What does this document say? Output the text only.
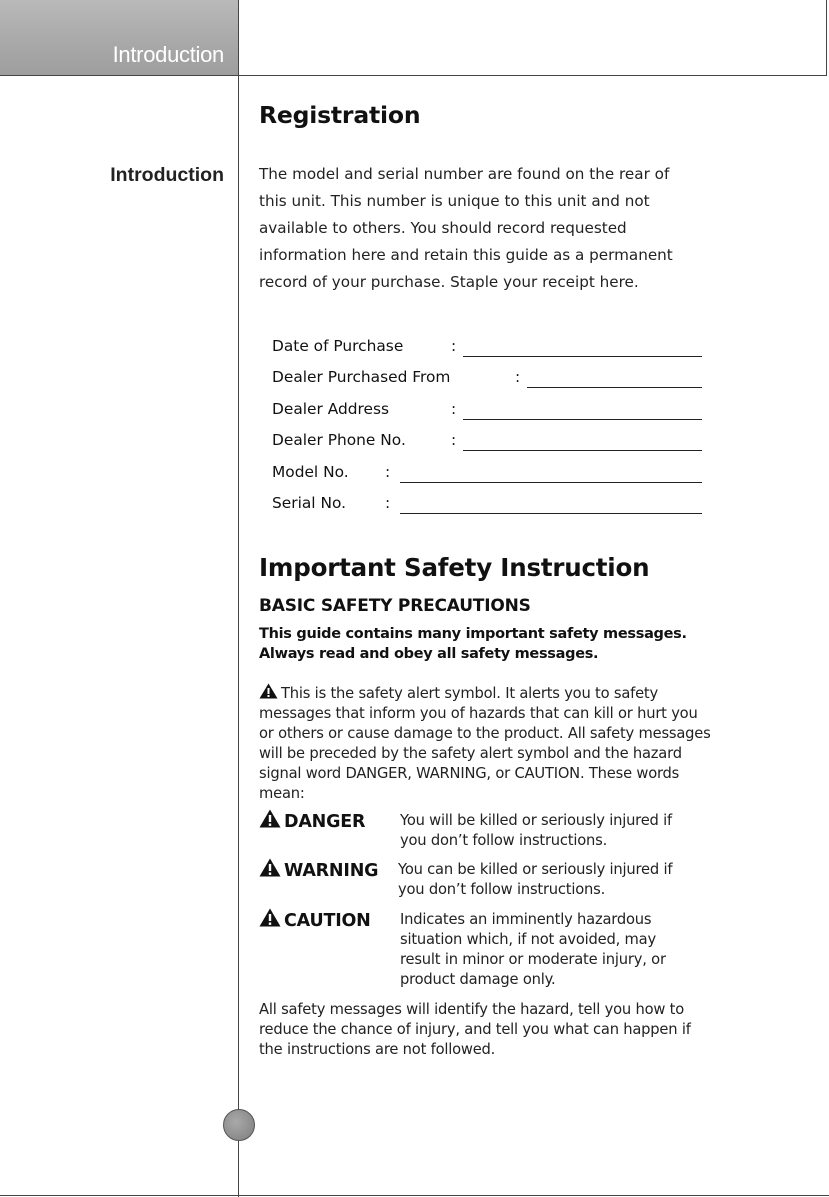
Introduction
Introduction
Registration
The model and serial number are found on the rear of this unit. This number is unique to this unit and not available to others. You should record requested information here and retain this guide as a permanent record of your purchase. Staple your receipt here.
Date of Purchase	:
Dealer Purchased From	:
Dealer Address	:
Dealer Phone No.	:
Model No. :
Serial No.	:
Important Safety Instruction
BASIC SAFETY PRECAUTIONS
This guide contains many important safety messages. Always read and obey all safety messages.
This is the safety alert symbol. It alerts you to safety messages that inform you of hazards that can kill or hurt you or others or cause damage to the product. All safety messages will be preceded by the safety alert symbol and the hazard signal word DANGER, WARNING, or CAUTION. These words mean:
DANGER You will be killed or seriously injured if you don’t follow instructions.
WARNING You can be killed or seriously injured if you don’t follow instructions.
CAUTION Indicates an imminently hazardous situation which, if not avoided, may result in minor or moderate injury, or product damage only.
All safety messages will identify the hazard, tell you how to reduce the chance of injury, and tell you what can happen if the instructions are not followed.
